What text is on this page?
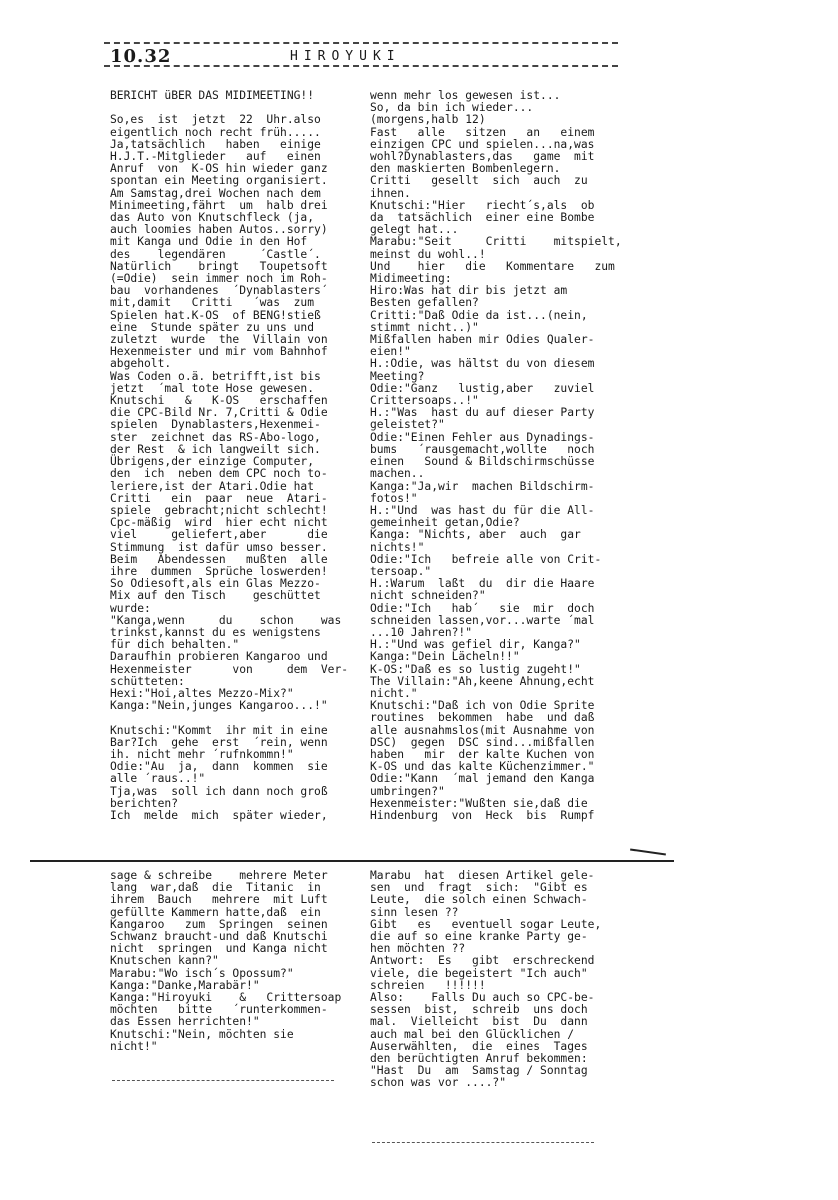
10.32	HIROYUKI
BERICHT üBER DAS MIDIMEETING!!

So,es  ist  jetzt  22  Uhr.also
eigentlich noch recht früh.....
Ja,tatsächlich   haben   einige
H.J.T.-Mitglieder   auf   einen
Anruf  von  K-OS hin wieder ganz
spontan ein Meeting organisiert.
Am Samstag,drei Wochen nach dem
Minimeeting,fährt  um  halb drei
das Auto von Knutschfleck (ja,
auch loomies haben Autos..sorry)
mit Kanga und Odie in den Hof
des    legendären     ´Castle´.
Natürlich    bringt   Toupetsoft
(=Odie)  sein immer noch im Roh-
bau  vorhandenes  ´Dynablasters´
mit,damit   Critti   ´was  zum
Spielen hat.K-OS  of BENG!stieß
eine  Stunde später zu uns und
zuletzt  wurde  the  Villain von
Hexenmeister und mir vom Bahnhof
abgeholt.
Was Coden o.ä. betrifft,ist bis
jetzt  ´mal tote Hose gewesen.
Knutschi   &   K-OS   erschaffen
die CPC-Bild Nr. 7,Critti & Odie
spielen  Dynablasters,Hexenmei-
ster  zeichnet das RS-Abo-logo,
der Rest  & ich langweilt sich.
Übrigens,der einzige Computer,
den  ich  neben dem CPC noch to-
leriere,ist der Atari.Odie hat
Critti   ein  paar  neue  Atari-
spiele  gebracht;nicht schlecht!
Cpc-mäßig  wird  hier echt nicht
viel     geliefert,aber      die
Stimmung  ist dafür umso besser.
Beim   Abendessen   mußten  alle
ihre  dummen  Sprüche loswerden!
So Odiesoft,als ein Glas Mezzo-
Mix auf den Tisch    geschüttet
wurde:
"Kanga,wenn     du    schon    was
trinkst,kannst du es wenigstens
für dich behalten."
Daraufhin probieren Kangaroo und
Hexenmeister      von     dem  Ver-
schütteten:
Hexi:"Hoi,altes Mezzo-Mix?"
Kanga:"Nein,junges Kangaroo...!"

Knutschi:"Kommt  ihr mit in eine
Bar?Ich  gehe  erst  ´rein, wenn
ih. nicht mehr ´rufnkommn!"
Odie:"Au  ja,  dann  kommen  sie
alle ´raus..!"
Tja,was  soll ich dann noch groß
berichten?
Ich  melde  mich  später wieder,
wenn mehr los gewesen ist...
So, da bin ich wieder...
(morgens,halb 12)
Fast   alle   sitzen   an   einem
einzigen CPC und spielen...na,was
wohl?Dynablasters,das   game  mit
den maskierten Bombenlegern.
Critti   gesellt  sich  auch  zu
ihnen.
Knutschi:"Hier   riecht´s,als  ob
da  tatsächlich  einer eine Bombe
gelegt hat...
Marabu:"Seit     Critti    mitspielt,
meinst du wohl..!
Und    hier   die   Kommentare   zum
Midimeeting:
Hiro:Was hat dir bis jetzt am
Besten gefallen?
Critti:"Daß Odie da ist...(nein,
stimmt nicht..)"
Mißfallen haben mir Odies Qualer-
eien!"
H.:Odie, was hältst du von diesem
Meeting?
Odie:"Ganz   lustig,aber   zuviel
Crittersoaps..!"
H.:"Was  hast du auf dieser Party
geleistet?"
Odie:"Einen Fehler aus Dynadings-
bums   ´rausgemacht,wollte   noch
einen   Sound & Bildschirmschüsse
machen..
Kanga:"Ja,wir  machen Bildschirm-
fotos!"
H.:"Und  was hast du für die All-
gemeinheit getan,Odie?
Kanga: "Nichts, aber  auch  gar
nichts!"
Odie:"Ich   befreie alle von Crit-
tersoap."
H.:Warum  laßt  du  dir die Haare
nicht schneiden?"
Odie:"Ich   hab´   sie  mir  doch
schneiden lassen,vor...warte ´mal
...10 Jahren?!"
H.:"Und was gefiel dir, Kanga?"
Kanga:"Dein Lächeln!!"
K-OS:"Daß es so lustig zugeht!"
The Villain:"Ah,keene Ahnung,echt
nicht."
Knutschi:"Daß ich von Odie Sprite
routines  bekommen  habe  und daß
alle ausnahmslos(mit Ausnahme von
DSC)  gegen  DSC sind...mißfallen
haben   mir  der kalte Kuchen von
K-OS und das kalte Küchenzimmer."
Odie:"Kann  ´mal jemand den Kanga
umbringen?"
Hexenmeister:"Wußten sie,daß die
Hindenburg  von  Heck  bis  Rumpf
sage & schreibe    mehrere Meter
lang  war,daß  die  Titanic  in
ihrem  Bauch   mehrere  mit Luft
gefüllte Kammern hatte,daß  ein
Kangaroo   zum  Springen  seinen
Schwanz braucht-und daß Knutschi
nicht  springen  und Kanga nicht
Knutschen kann?"
Marabu:"Wo isch´s Opossum?"
Kanga:"Danke,Marabär!"
Kanga:"Hiroyuki    &   Crittersoap
möchten   bitte   ´runterkommen-
das Essen herrichten!"
Knutschi:"Nein, möchten sie
nicht!"
Marabu  hat  diesen Artikel gele-
sen  und  fragt  sich:  "Gibt es
Leute,  die solch einen Schwach-
sinn lesen ??
Gibt   es   eventuell sogar Leute,
die auf so eine kranke Party ge-
hen möchten ??
Antwort:  Es   gibt  erschreckend
viele, die begeistert "Ich auch"
schreien   !!!!!!
Also:    Falls Du auch so CPC-be-
sessen  bist,  schreib  uns doch
mal.  Vielleicht  bist  Du  dann
auch mal bei den Glücklichen /
Auserwählten,  die  eines  Tages
den berüchtigten Anruf bekommen:
"Hast  Du  am  Samstag / Sonntag
schon was vor ....?"
